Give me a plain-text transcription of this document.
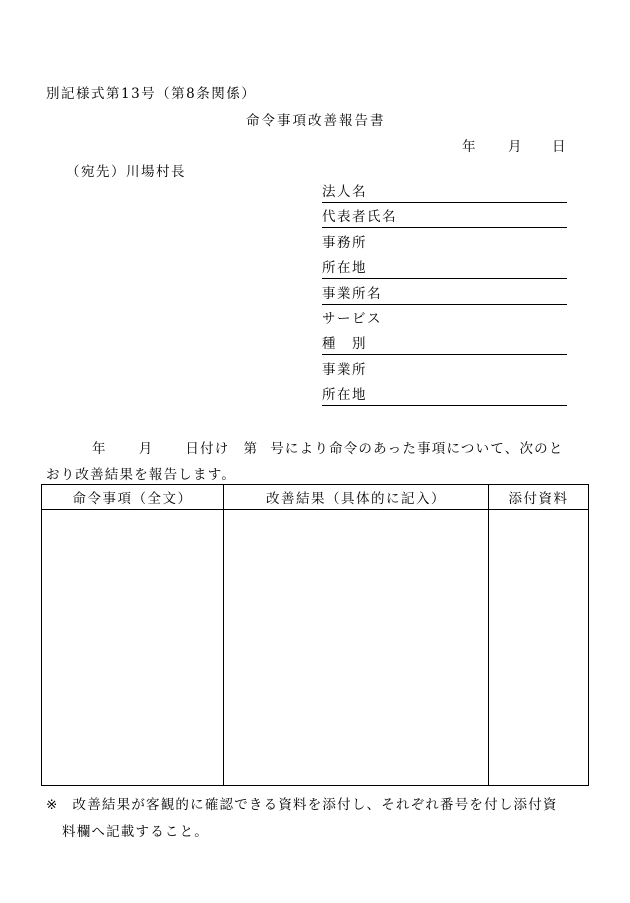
別記様式第13号（第8条関係）
命令事項改善報告書
年 月 日
（宛先）川場村長
法人名
代表者氏名
事務所
所在地
事業所名
サービス
種　別
事業所
所在地
年 月 日付け 第 号により命令のあった事項について、次のと
おり改善結果を報告します。
命令事項（全文）	改善結果（具体的に記入）	添付資料

※ 改善結果が客観的に確認できる資料を添付し、それぞれ番号を付し添付資
料欄へ記載すること。
